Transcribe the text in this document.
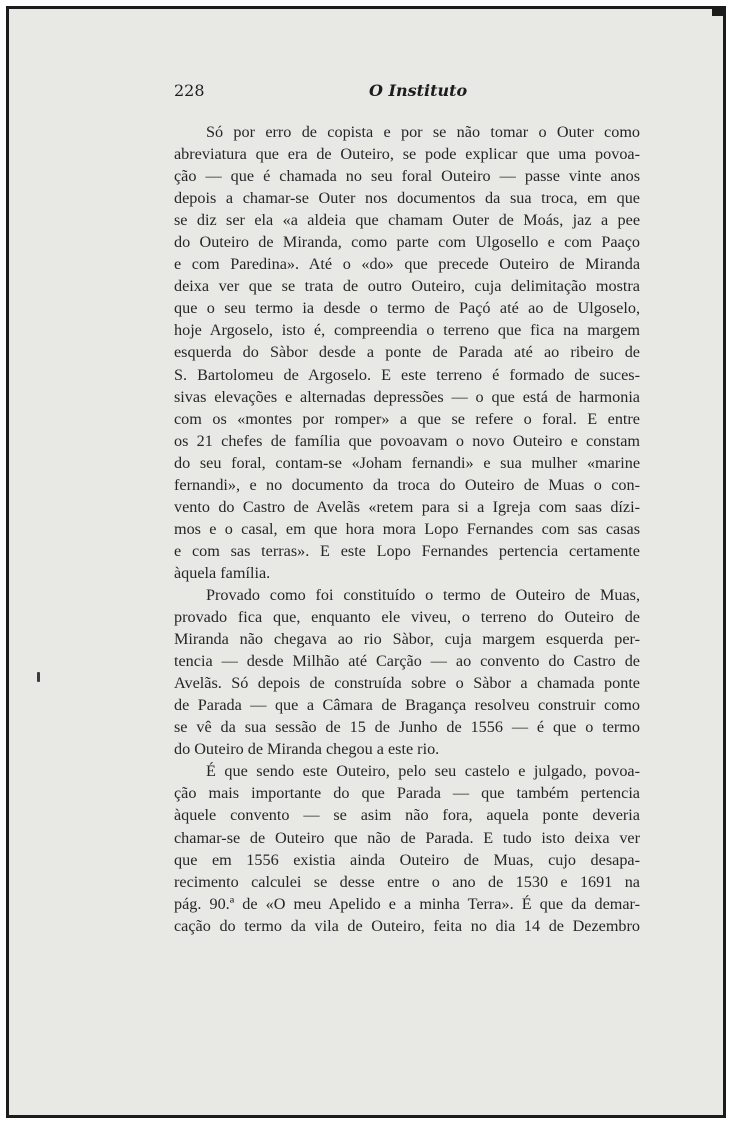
228	O Instituto
Só por erro de copista e por se não tomar o Outer como
abreviatura que era de Outeiro, se pode explicar que uma povoa-
ção — que é chamada no seu foral Outeiro — passe vinte anos
depois a chamar-se Outer nos documentos da sua troca, em que
se diz ser ela «a aldeia que chamam Outer de Moás, jaz a pee
do Outeiro de Miranda, como parte com Ulgosello e com Paaço
e com Paredina». Até o «do» que precede Outeiro de Miranda
deixa ver que se trata de outro Outeiro, cuja delimitação mostra
que o seu termo ia desde o termo de Paçó até ao de Ulgoselo,
hoje Argoselo, isto é, compreendia o terreno que fica na margem
esquerda do Sàbor desde a ponte de Parada até ao ribeiro de
S. Bartolomeu de Argoselo. E este terreno é formado de suces-
sivas elevações e alternadas depressões — o que está de harmonia
com os «montes por romper» a que se refere o foral. E entre
os 21 chefes de família que povoavam o novo Outeiro e constam
do seu foral, contam-se «Joham fernandi» e sua mulher «marine
fernandi», e no documento da troca do Outeiro de Muas o con-
vento do Castro de Avelãs «retem para si a Igreja com saas dízi-
mos e o casal, em que hora mora Lopo Fernandes com sas casas
e com sas terras». E este Lopo Fernandes pertencia certamente
àquela família.
Provado como foi constituído o termo de Outeiro de Muas,
provado fica que, enquanto ele viveu, o terreno do Outeiro de
Miranda não chegava ao rio Sàbor, cuja margem esquerda per-
tencia — desde Milhão até Carção — ao convento do Castro de
Avelãs. Só depois de construída sobre o Sàbor a chamada ponte
de Parada — que a Câmara de Bragança resolveu construir como
se vê da sua sessão de 15 de Junho de 1556 — é que o termo
do Outeiro de Miranda chegou a este rio.
É que sendo este Outeiro, pelo seu castelo e julgado, povoa-
ção mais importante do que Parada — que também pertencia
àquele convento — se asim não fora, aquela ponte deveria
chamar-se de Outeiro que não de Parada. E tudo isto deixa ver
que em 1556 existia ainda Outeiro de Muas, cujo desapa-
recimento calculei se desse entre o ano de 1530 e 1691 na
pág. 90.ª de «O meu Apelido e a minha Terra». É que da demar-
cação do termo da vila de Outeiro, feita no dia 14 de Dezembro
